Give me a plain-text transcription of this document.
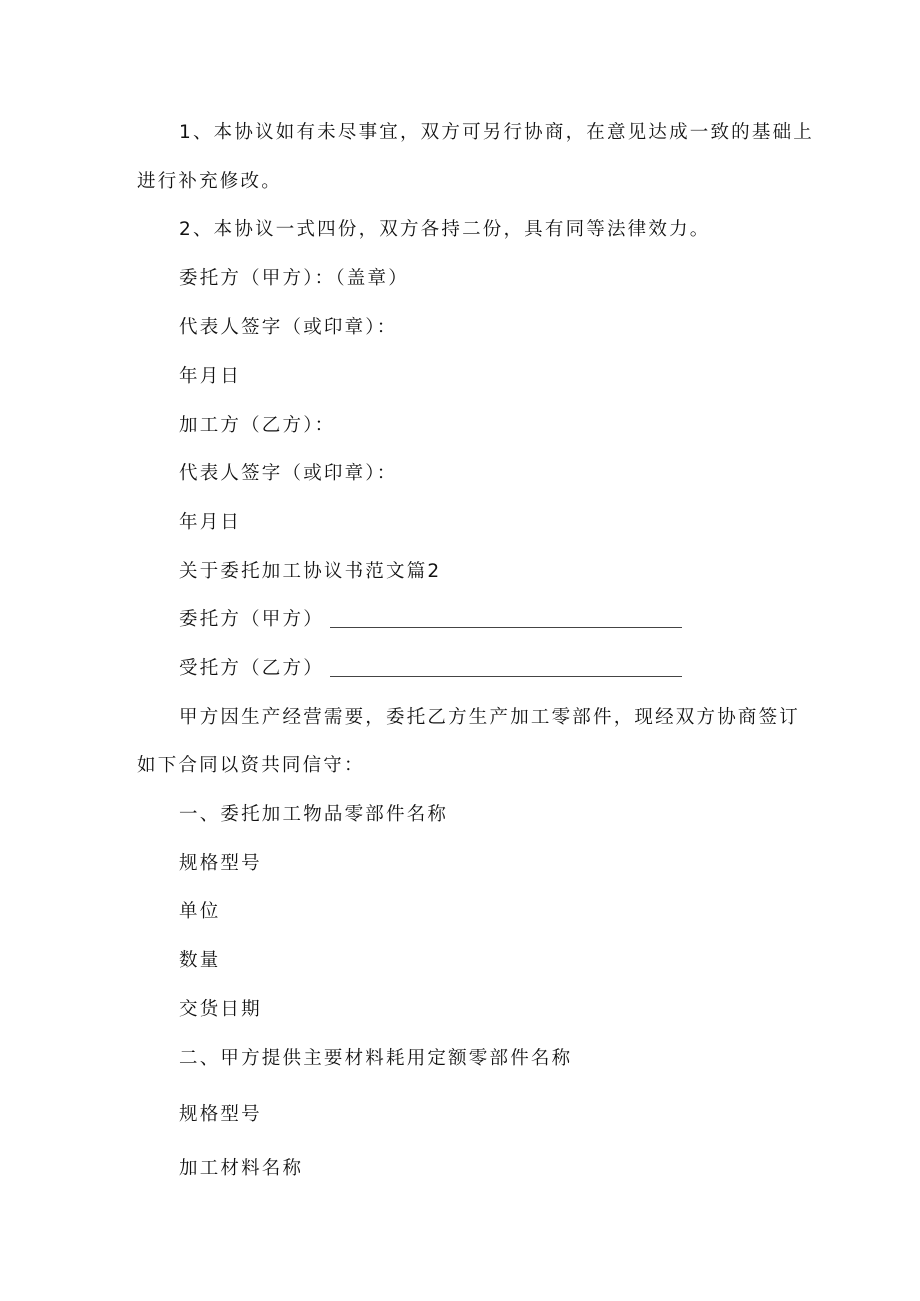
1、本协议如有未尽事宜，双方可另行协商，在意见达成一致的基础上
进行补充修改。
2、本协议一式四份，双方各持二份，具有同等法律效力。
委托方（甲方）：（盖章）
代表人签字（或印章）：
年月日
加工方（乙方）：
代表人签字（或印章）：
年月日
关于委托加工协议书范文篇2
委托方（甲方）
受托方（乙方）
甲方因生产经营需要，委托乙方生产加工零部件，现经双方协商签订
如下合同以资共同信守：
一、委托加工物品零部件名称
规格型号
单位
数量
交货日期
二、甲方提供主要材料耗用定额零部件名称
规格型号
加工材料名称
